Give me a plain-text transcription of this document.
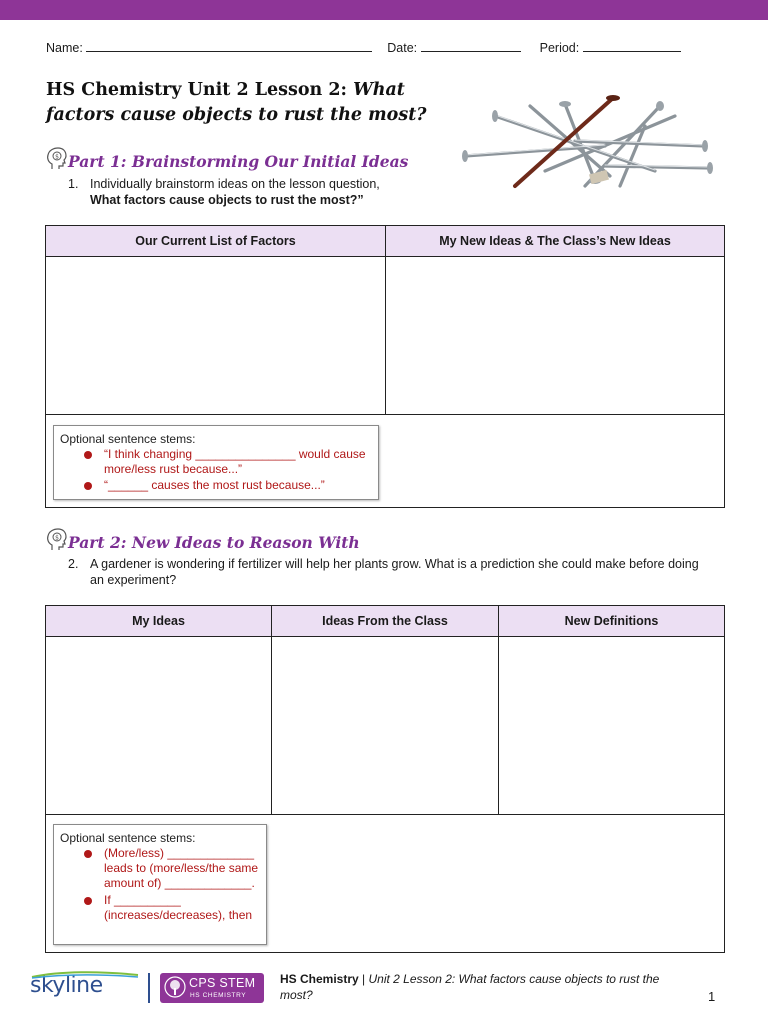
Name:	Date:	Period:
HS Chemistry Unit 2 Lesson 2: What factors cause objects to rust the most?
$ Part 1: Brainstorming Our Initial Ideas
1. Individually brainstorm ideas on the lesson question,
What factors cause objects to rust the most?”
Our Current List of Factors	My New Ideas & The Class’s New Ideas

Optional sentence stems:
“I think changing _______________ would cause more/less rust because...”
“______ causes the most rust because...”
$ Part 2: New Ideas to Reason With
2. A gardener is wondering if fertilizer will help her plants grow. What is a prediction she could make before doing an experiment?
My Ideas	Ideas From the Class	New Definitions

Optional sentence stems:
(More/less) _____________ leads to (more/less/the same amount of) _____________.
If __________ (increases/decreases), then
skyline	CPS STEM
HS CHEMISTRY
HS Chemistry | Unit 2 Lesson 2: What factors cause objects to rust the most?	1
